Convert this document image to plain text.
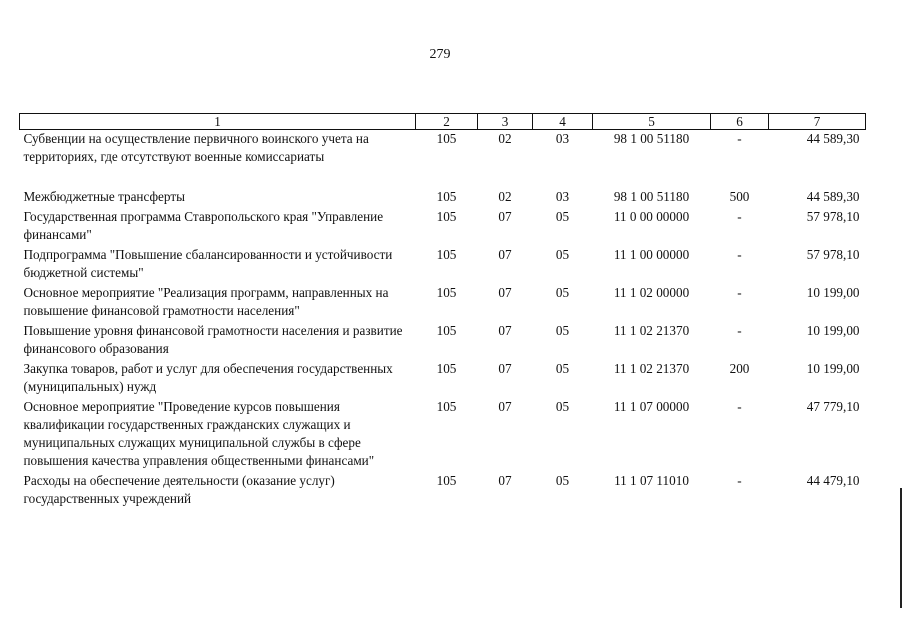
279
1	2	3	4	5	6	7
Субвенции на осуществление первичного воинского учета на территориях, где отсутствуют военные комиссариаты	105	02	03	98 1 00 51180	-	44 589,30

Межбюджетные трансферты	105	02	03	98 1 00 51180	500	44 589,30
Государственная программа Ставропольского края "Управление финансами"	105	07	05	11 0 00 00000	-	57 978,10
Подпрограмма "Повышение сбалансированности и устойчивости бюджетной системы"	105	07	05	11 1 00 00000	-	57 978,10
Основное мероприятие "Реализация программ, направленных на повышение финансовой грамотности населения"	105	07	05	11 1 02 00000	-	10 199,00
Повышение уровня финансовой грамотности населения и развитие финансового образования	105	07	05	11 1 02 21370	-	10 199,00
Закупка товаров, работ и услуг для обеспечения государственных (муниципальных) нужд	105	07	05	11 1 02 21370	200	10 199,00
Основное мероприятие "Проведение курсов повышения квалификации государственных гражданских служащих и муниципальных служащих муниципальной службы в сфере повышения качества управления общественными финансами"	105	07	05	11 1 07 00000	-	47 779,10
Расходы на обеспечение деятельности (оказание услуг) государственных учреждений	105	07	05	11 1 07 11010	-	44 479,10
